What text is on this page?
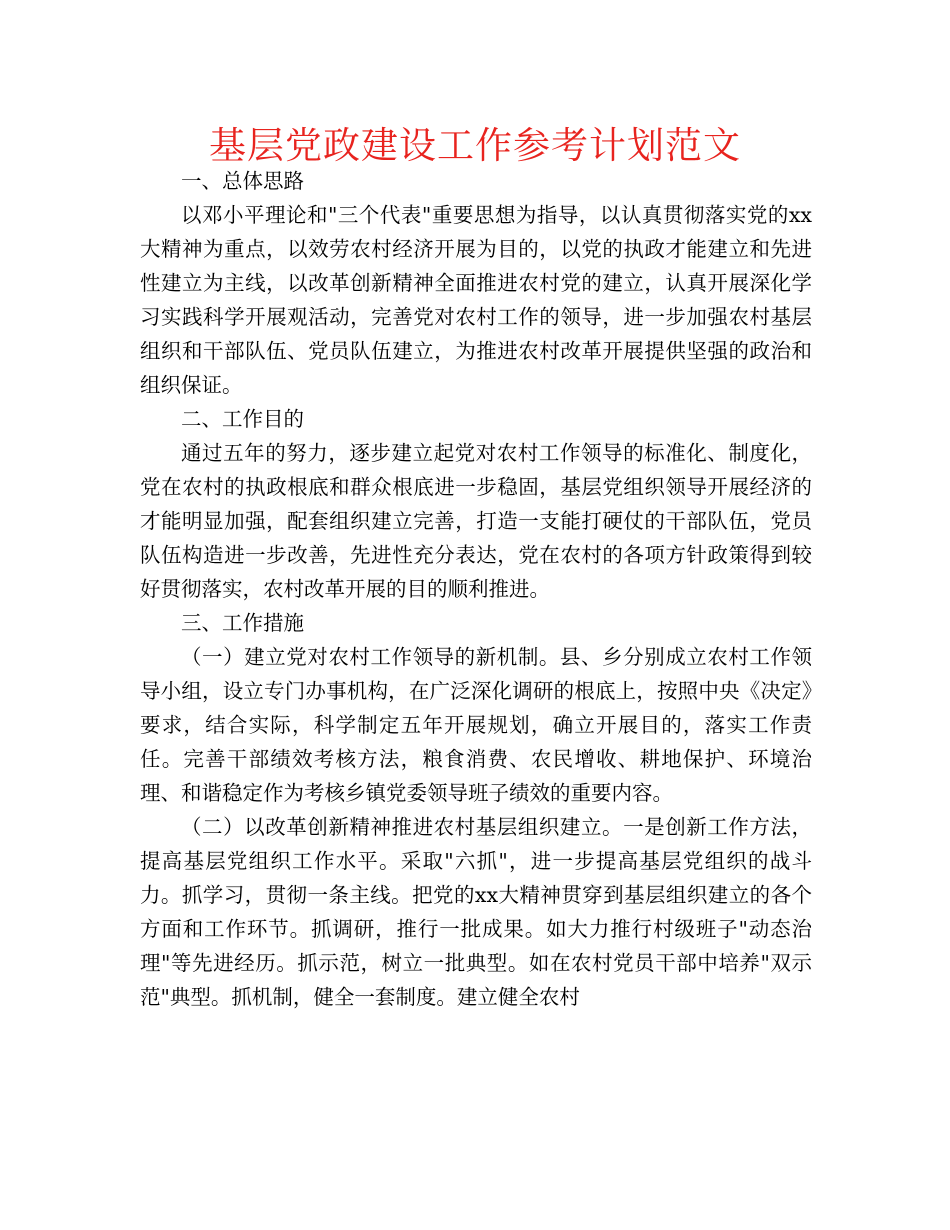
基层党政建设工作参考计划范文

一、总体思路

以邓小平理论和"三个代表"重要思想为指导，以认真贯彻落实党的xx大精神为重点，以效劳农村经济开展为目的，以党的执政才能建立和先进性建立为主线，以改革创新精神全面推进农村党的建立，认真开展深化学习实践科学开展观活动，完善党对农村工作的领导，进一步加强农村基层组织和干部队伍、党员队伍建立，为推进农村改革开展提供坚强的政治和组织保证。

二、工作目的

通过五年的努力，逐步建立起党对农村工作领导的标准化、制度化，党在农村的执政根底和群众根底进一步稳固，基层党组织领导开展经济的才能明显加强，配套组织建立完善，打造一支能打硬仗的干部队伍，党员队伍构造进一步改善，先进性充分表达，党在农村的各项方针政策得到较好贯彻落实，农村改革开展的目的顺利推进。

三、工作措施

（一）建立党对农村工作领导的新机制。县、乡分别成立农村工作领导小组，设立专门办事机构，在广泛深化调研的根底上，按照中央《决定》要求，结合实际，科学制定五年开展规划，确立开展目的，落实工作责任。完善干部绩效考核方法，粮食消费、农民增收、耕地保护、环境治理、和谐稳定作为考核乡镇党委领导班子绩效的重要内容。

（二）以改革创新精神推进农村基层组织建立。一是创新工作方法，提高基层党组织工作水平。采取"六抓"，进一步提高基层党组织的战斗力。抓学习，贯彻一条主线。把党的xx大精神贯穿到基层组织建立的各个方面和工作环节。抓调研，推行一批成果。如大力推行村级班子"动态治理"等先进经历。抓示范，树立一批典型。如在农村党员干部中培养"双示范"典型。抓机制，健全一套制度。建立健全农村
